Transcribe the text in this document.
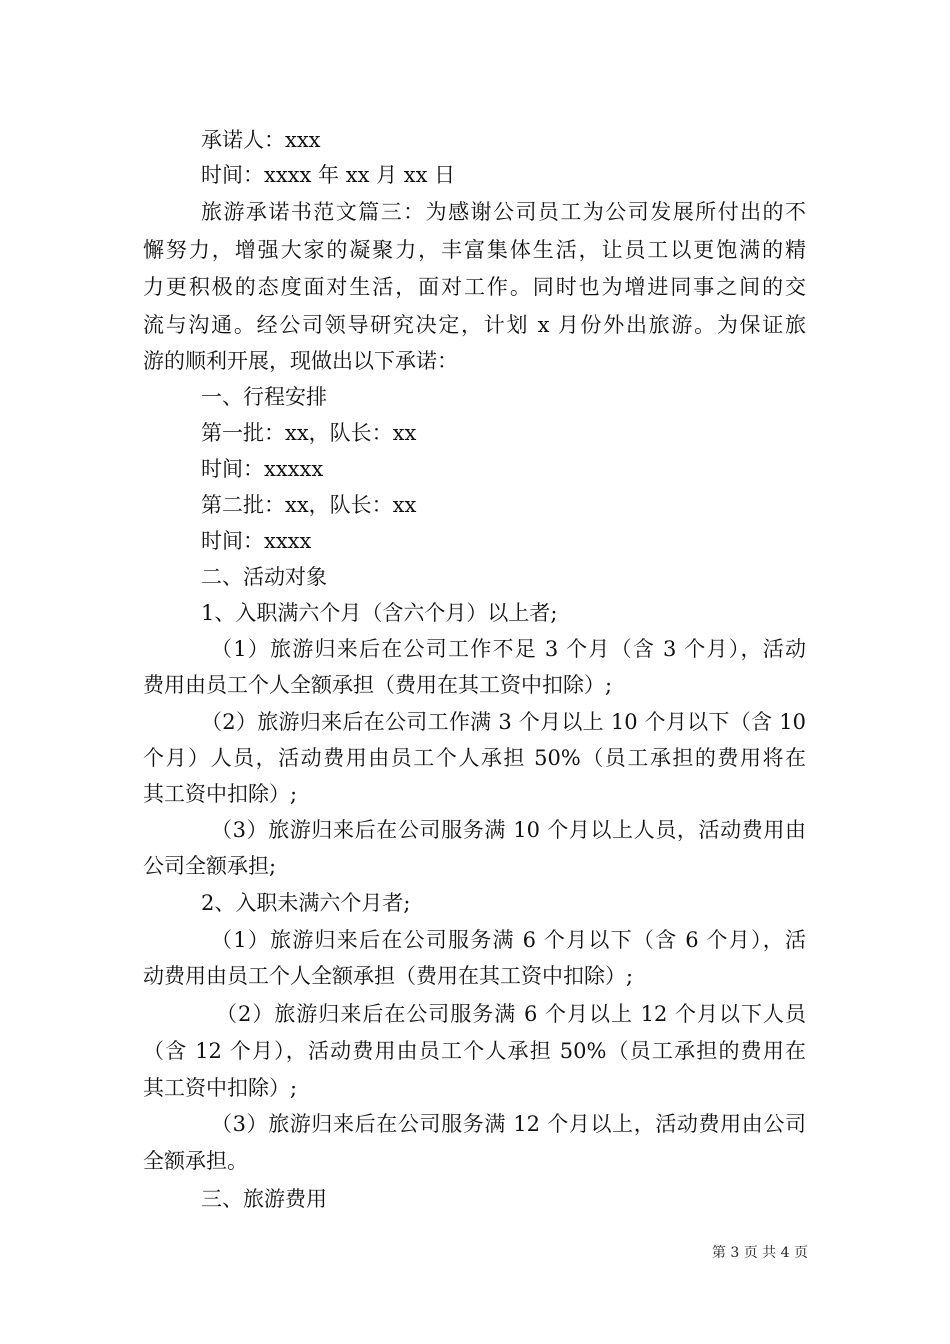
承诺人：xxx
时间：xxxx 年 xx 月 xx 日
旅游承诺书范文篇三：为感谢公司员工为公司发展所付出的不
懈努力，增强大家的凝聚力，丰富集体生活，让员工以更饱满的精
力更积极的态度面对生活，面对工作。同时也为增进同事之间的交
流与沟通。经公司领导研究决定，计划 x 月份外出旅游。为保证旅
游的顺利开展，现做出以下承诺：
一、行程安排
第一批：xx，队长：xx
时间：xxxxx
第二批：xx，队长：xx
时间：xxxx
二、活动对象
1、入职满六个月（含六个月）以上者;
（1）旅游归来后在公司工作不足 3 个月（含 3 个月），活动
费用由员工个人全额承担（费用在其工资中扣除）;
（2）旅游归来后在公司工作满 3 个月以上 10 个月以下（含 10
个月）人员，活动费用由员工个人承担 50%（员工承担的费用将在
其工资中扣除）;
（3）旅游归来后在公司服务满 10 个月以上人员，活动费用由
公司全额承担;
2、入职未满六个月者;
（1）旅游归来后在公司服务满 6 个月以下（含 6 个月），活
动费用由员工个人全额承担（费用在其工资中扣除）;
（2）旅游归来后在公司服务满 6 个月以上 12 个月以下人员
（含 12 个月），活动费用由员工个人承担 50%（员工承担的费用在
其工资中扣除）;
（3）旅游归来后在公司服务满 12 个月以上，活动费用由公司
全额承担。
三、旅游费用
第 3 页 共 4 页
